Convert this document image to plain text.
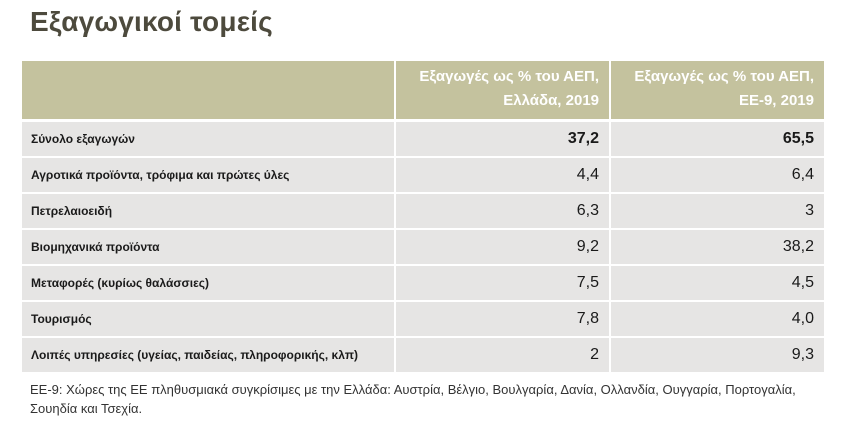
Εξαγωγικοί τομείς
	Εξαγωγές ως % του ΑΕΠ, Ελλάδα, 2019	Εξαγωγές ως % του ΑΕΠ, ΕΕ-9, 2019
Σύνολο εξαγωγών	37,2	65,5
Αγροτικά προϊόντα, τρόφιμα και πρώτες ύλες	4,4	6,4
Πετρελαιοειδή	6,3	3
Βιομηχανικά προϊόντα	9,2	38,2
Μεταφορές (κυρίως θαλάσσιες)	7,5	4,5
Τουρισμός	7,8	4,0
Λοιπές υπηρεσίες (υγείας, παιδείας, πληροφορικής, κλπ)	2	9,3
ΕΕ-9: Χώρες της ΕΕ πληθυσμιακά συγκρίσιμες με την Ελλάδα: Αυστρία, Βέλγιο, Βουλγαρία, Δανία, Ολλανδία, Ουγγαρία, Πορτογαλία, Σουηδία και Τσεχία.
